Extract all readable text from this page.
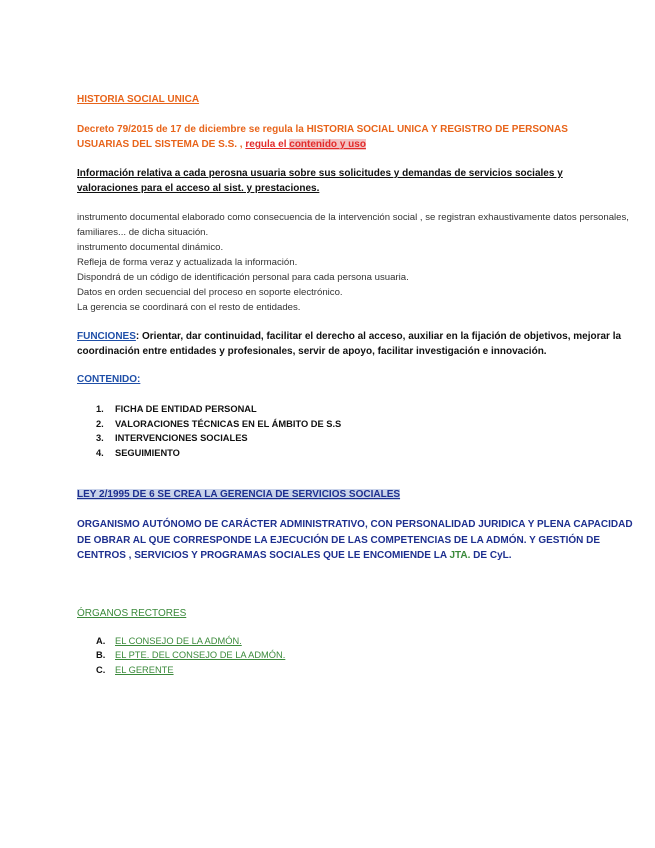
HISTORIA SOCIAL UNICA

Decreto 79/2015 de 17 de diciembre se regula la HISTORIA SOCIAL UNICA Y REGISTRO DE PERSONAS USUARIAS DEL SISTEMA DE S.S. , regula el contenido y uso

Información relativa a cada perosna usuaria sobre sus solicitudes y demandas de servicios sociales y valoraciones para el acceso al sist. y prestaciones.

instrumento documental elaborado como consecuencia de la intervención social , se registran exhaustivamente datos personales, familiares... de dicha situación.

instrumento documental dinámico.

Refleja de forma veraz y actualizada la información.

Dispondrá de un código de identificación personal para cada persona usuaria.

Datos en orden secuencial del proceso en soporte electrónico.

La gerencia se coordinará con el resto de entidades.

FUNCIONES: Orientar, dar continuidad, facilitar el derecho al acceso, auxiliar en la fijación de objetivos, mejorar la coordinación entre entidades y profesionales, servir de apoyo, facilitar investigación e innovación.

CONTENIDO:

1. FICHA DE ENTIDAD PERSONAL
2. VALORACIONES TÉCNICAS EN EL ÁMBITO DE S.S
3. INTERVENCIONES SOCIALES
4. SEGUIMIENTO

LEY 2/1995 DE 6 SE CREA LA GERENCIA DE SERVICIOS SOCIALES

ORGANISMO AUTÓNOMO DE CARÁCTER ADMINISTRATIVO, CON PERSONALIDAD JURIDICA Y PLENA CAPACIDAD DE OBRAR AL QUE CORRESPONDE LA EJECUCIÓN DE LAS COMPETENCIAS DE LA ADMÓN. Y GESTIÓN DE CENTROS , SERVICIOS Y PROGRAMAS SOCIALES QUE LE ENCOMIENDE LA JTA. DE CyL.

ÓRGANOS RECTORES

A. EL CONSEJO DE LA ADMÓN.
B. EL PTE. DEL CONSEJO DE LA ADMÓN.
C. EL GERENTE
